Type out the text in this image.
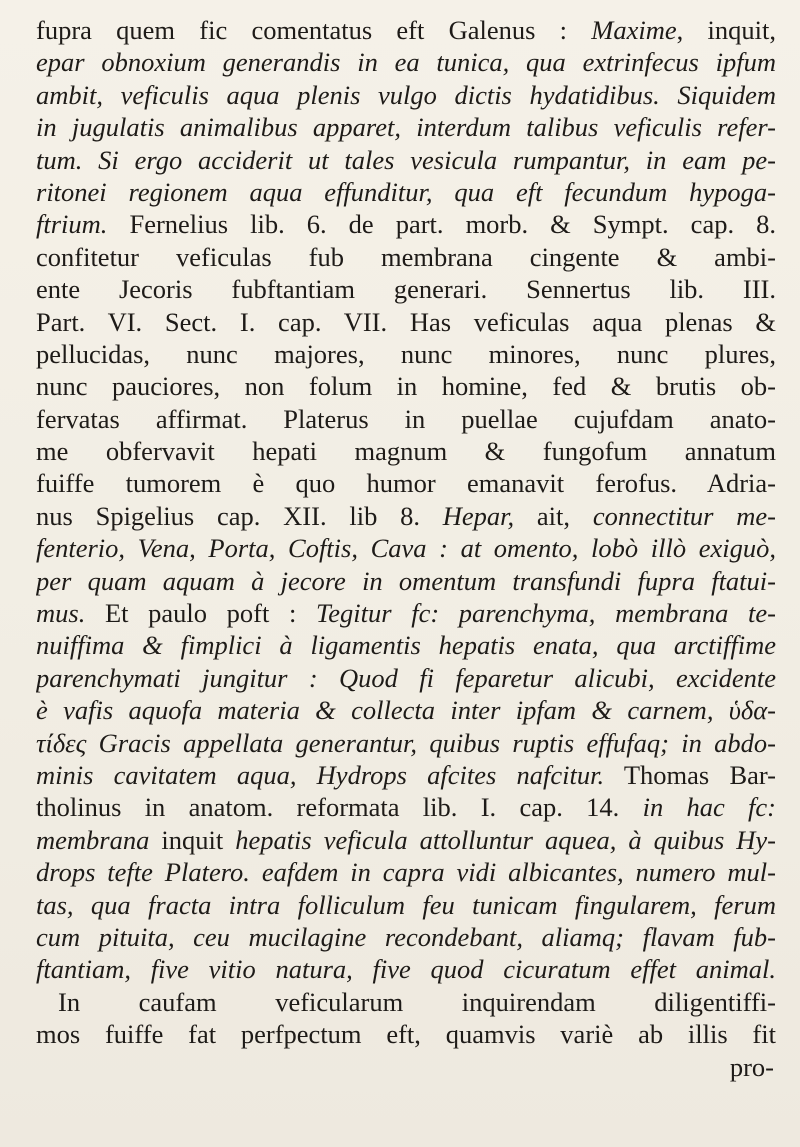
fupra quem fic comentatus eft Galenus : Maxime, inquit,
epar obnoxium generandis in ea tunica, qua extrinfecus ipfum
ambit, veficulis aqua plenis vulgo dictis hydatidibus. Siquidem
in jugulatis animalibus apparet, interdum talibus veficulis refer-
tum. Si ergo acciderit ut tales vesicula rumpantur, in eam pe-
ritonei regionem aqua effunditur, qua eft fecundum hypoga-
ftrium. Fernelius lib. 6. de part. morb. & Sympt. cap. 8.
confitetur veficulas fub membrana cingente & ambi-
ente Jecoris fubftantiam generari. Sennertus lib. III.
Part. VI. Sect. I. cap. VII. Has veficulas aqua plenas &
pellucidas, nunc majores, nunc minores, nunc plures,
nunc pauciores, non folum in homine, fed & brutis ob-
fervatas affirmat. Platerus in puellae cujufdam anato-
me obfervavit hepati magnum & fungofum annatum
fuiffe tumorem è quo humor emanavit ferofus. Adria-
nus Spigelius cap. XII. lib 8. Hepar, ait, connectitur me-
fenterio, Vena, Porta, Coftis, Cava : at omento, lobò illò exiguò,
per quam aquam à jecore in omentum transfundi fupra ftatui-
mus. Et paulo poft : Tegitur fc: parenchyma, membrana te-
nuiffima & fimplici à ligamentis hepatis enata, qua arctiffime
parenchymati jungitur : Quod fi feparetur alicubi, excidente
è vafis aquofa materia & collecta inter ipfam & carnem, ὑδα-
τίδες Gracis appellata generantur, quibus ruptis effufaq; in abdo-
minis cavitatem aqua, Hydrops afcites nafcitur. Thomas Bar-
tholinus in anatom. reformata lib. I. cap. 14. in hac fc:
membrana inquit hepatis veficula attolluntur aquea, à quibus Hy-
drops tefte Platero. eafdem in capra vidi albicantes, numero mul-
tas, qua fracta intra folliculum feu tunicam fingularem, ferum
cum pituita, ceu mucilagine recondebant, aliamq; flavam fub-
ftantiam, five vitio natura, five quod cicuratum effet animal.
In caufam veficularum inquirendam diligentiffi-
mos fuiffe fat perfpectum eft, quamvis variè ab illis fit
pro-
